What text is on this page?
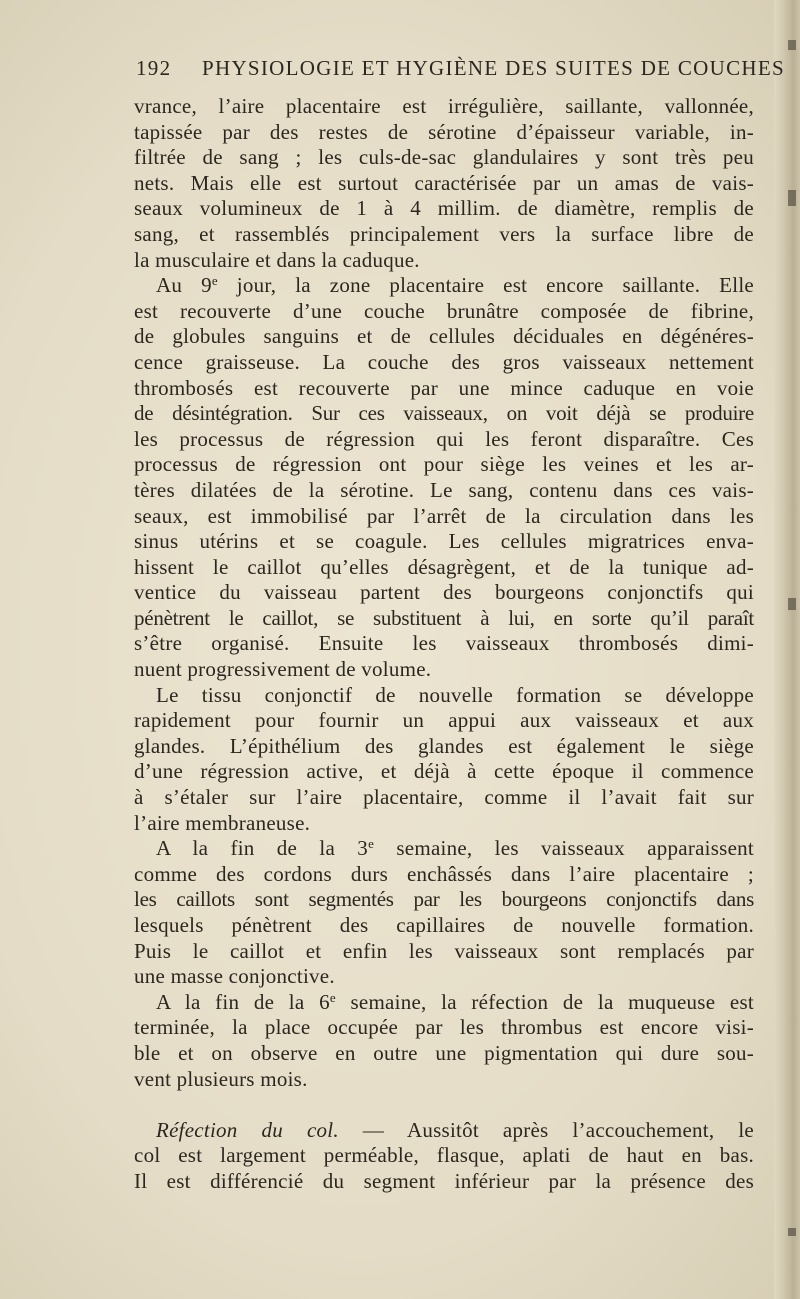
192 PHYSIOLOGIE ET HYGIÈNE DES SUITES DE COUCHES
vrance, l’aire placentaire est irrégulière, saillante, vallonnée,
tapissée par des restes de sérotine d’épaisseur variable, in-
filtrée de sang ; les culs-de-sac glandulaires y sont très peu
nets. Mais elle est surtout caractérisée par un amas de vais-
seaux volumineux de 1 à 4 millim. de diamètre, remplis de
sang, et rassemblés principalement vers la surface libre de
la musculaire et dans la caduque.
Au 9e jour, la zone placentaire est encore saillante. Elle
est recouverte d’une couche brunâtre composée de fibrine,
de globules sanguins et de cellules déciduales en dégénéres-
cence graisseuse. La couche des gros vaisseaux nettement
thrombosés est recouverte par une mince caduque en voie
de désintégration. Sur ces vaisseaux, on voit déjà se produire
les processus de régression qui les feront disparaître. Ces
processus de régression ont pour siège les veines et les ar-
tères dilatées de la sérotine. Le sang, contenu dans ces vais-
seaux, est immobilisé par l’arrêt de la circulation dans les
sinus utérins et se coagule. Les cellules migratrices enva-
hissent le caillot qu’elles désagrègent, et de la tunique ad-
ventice du vaisseau partent des bourgeons conjonctifs qui
pénètrent le caillot, se substituent à lui, en sorte qu’il paraît
s’être organisé. Ensuite les vaisseaux thrombosés dimi-
nuent progressivement de volume.
Le tissu conjonctif de nouvelle formation se développe
rapidement pour fournir un appui aux vaisseaux et aux
glandes. L’épithélium des glandes est également le siège
d’une régression active, et déjà à cette époque il commence
à s’étaler sur l’aire placentaire, comme il l’avait fait sur
l’aire membraneuse.
A la fin de la 3e semaine, les vaisseaux apparaissent
comme des cordons durs enchâssés dans l’aire placentaire ;
les caillots sont segmentés par les bourgeons conjonctifs dans
lesquels pénètrent des capillaires de nouvelle formation.
Puis le caillot et enfin les vaisseaux sont remplacés par
une masse conjonctive.
A la fin de la 6e semaine, la réfection de la muqueuse est
terminée, la place occupée par les thrombus est encore visi-
ble et on observe en outre une pigmentation qui dure sou-
vent plusieurs mois.
Réfection du col. — Aussitôt après l’accouchement, le
col est largement perméable, flasque, aplati de haut en bas.
Il est différencié du segment inférieur par la présence des
